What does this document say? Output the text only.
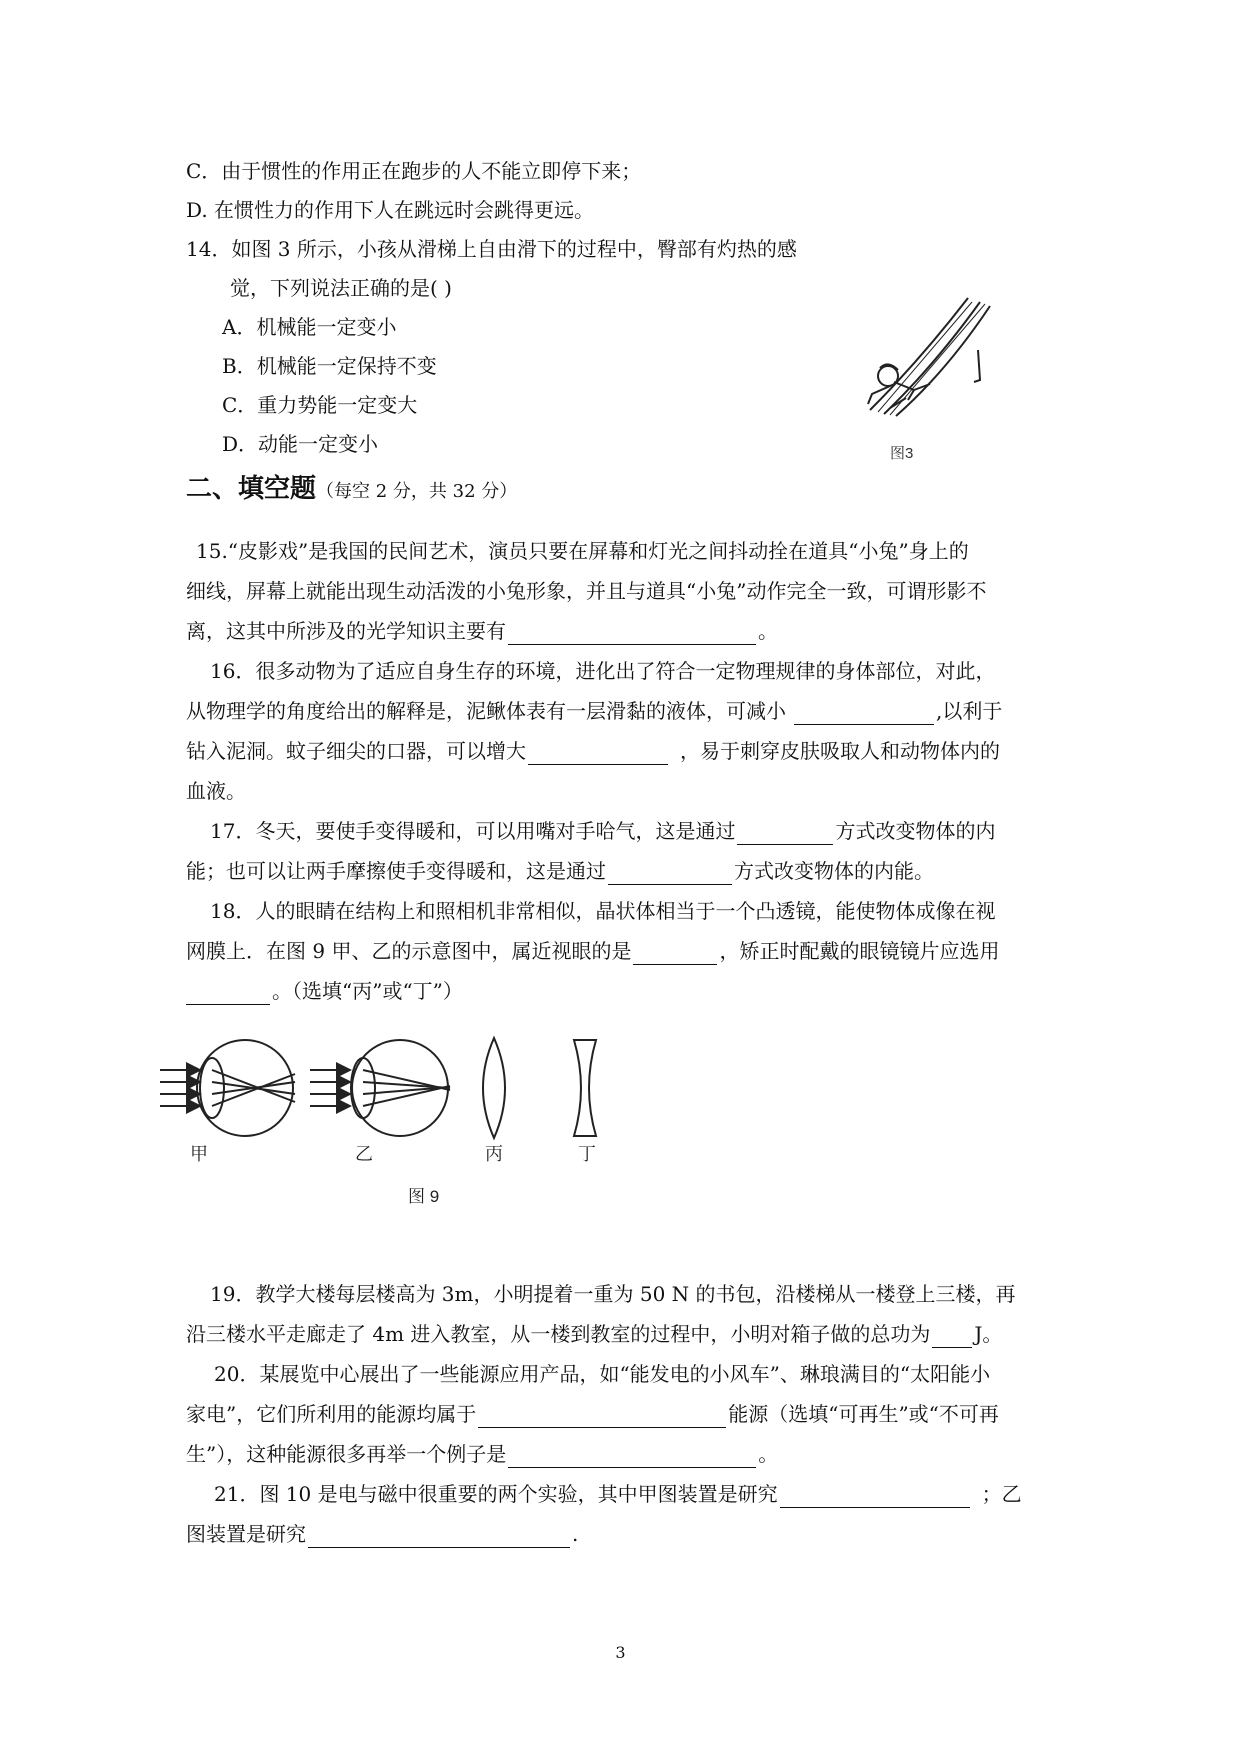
C．由于惯性的作用正在跑步的人不能立即停下来；
D. 在惯性力的作用下人在跳远时会跳得更远。
14．如图 3 所示，小孩从滑梯上自由滑下的过程中，臀部有灼热的感
觉，下列说法正确的是( )
A．机械能一定变小
B．机械能一定保持不变
C．重力势能一定变大
D．动能一定变小	图3
二、填空题（每空 2 分，共 32 分）
15.“皮影戏”是我国的民间艺术，演员只要在屏幕和灯光之间抖动拴在道具“小兔”身上的
细线，屏幕上就能出现生动活泼的小兔形象，并且与道具“小兔”动作完全一致，可谓形影不
离，这其中所涉及的光学知识主要有	。
16．很多动物为了适应自身生存的环境，进化出了符合一定物理规律的身体部位，对此，
从物理学的角度给出的解释是，泥鳅体表有一层滑黏的液体，可减小	,以利于
钻入泥洞。蚊子细尖的口器，可以增大	，易于刺穿皮肤吸取人和动物体内的
血液。
17．冬天，要使手变得暖和，可以用嘴对手哈气，这是通过	方式改变物体的内
能；也可以让两手摩擦使手变得暖和，这是通过	方式改变物体的内能。
18．人的眼睛在结构上和照相机非常相似，晶状体相当于一个凸透镜，能使物体成像在视
网膜上．在图 9 甲、乙的示意图中，属近视眼的是	，矫正时配戴的眼镜镜片应选用
。（选填“丙”或“丁”）
甲	乙	丙	丁
图 9
19．教学大楼每层楼高为 3m，小明提着一重为 50 N 的书包，沿楼梯从一楼登上三楼，再
沿三楼水平走廊走了 4m 进入教室，从一楼到教室的过程中，小明对箱子做的总功为 J。
20．某展览中心展出了一些能源应用产品，如“能发电的小风车”、琳琅满目的“太阳能小
家电”，它们所利用的能源均属于	能源（选填“可再生”或“不可再
生”），这种能源很多再举一个例子是	。
21．图 10 是电与磁中很重要的两个实验，其中甲图装置是研究	；乙
图装置是研究	.
3
